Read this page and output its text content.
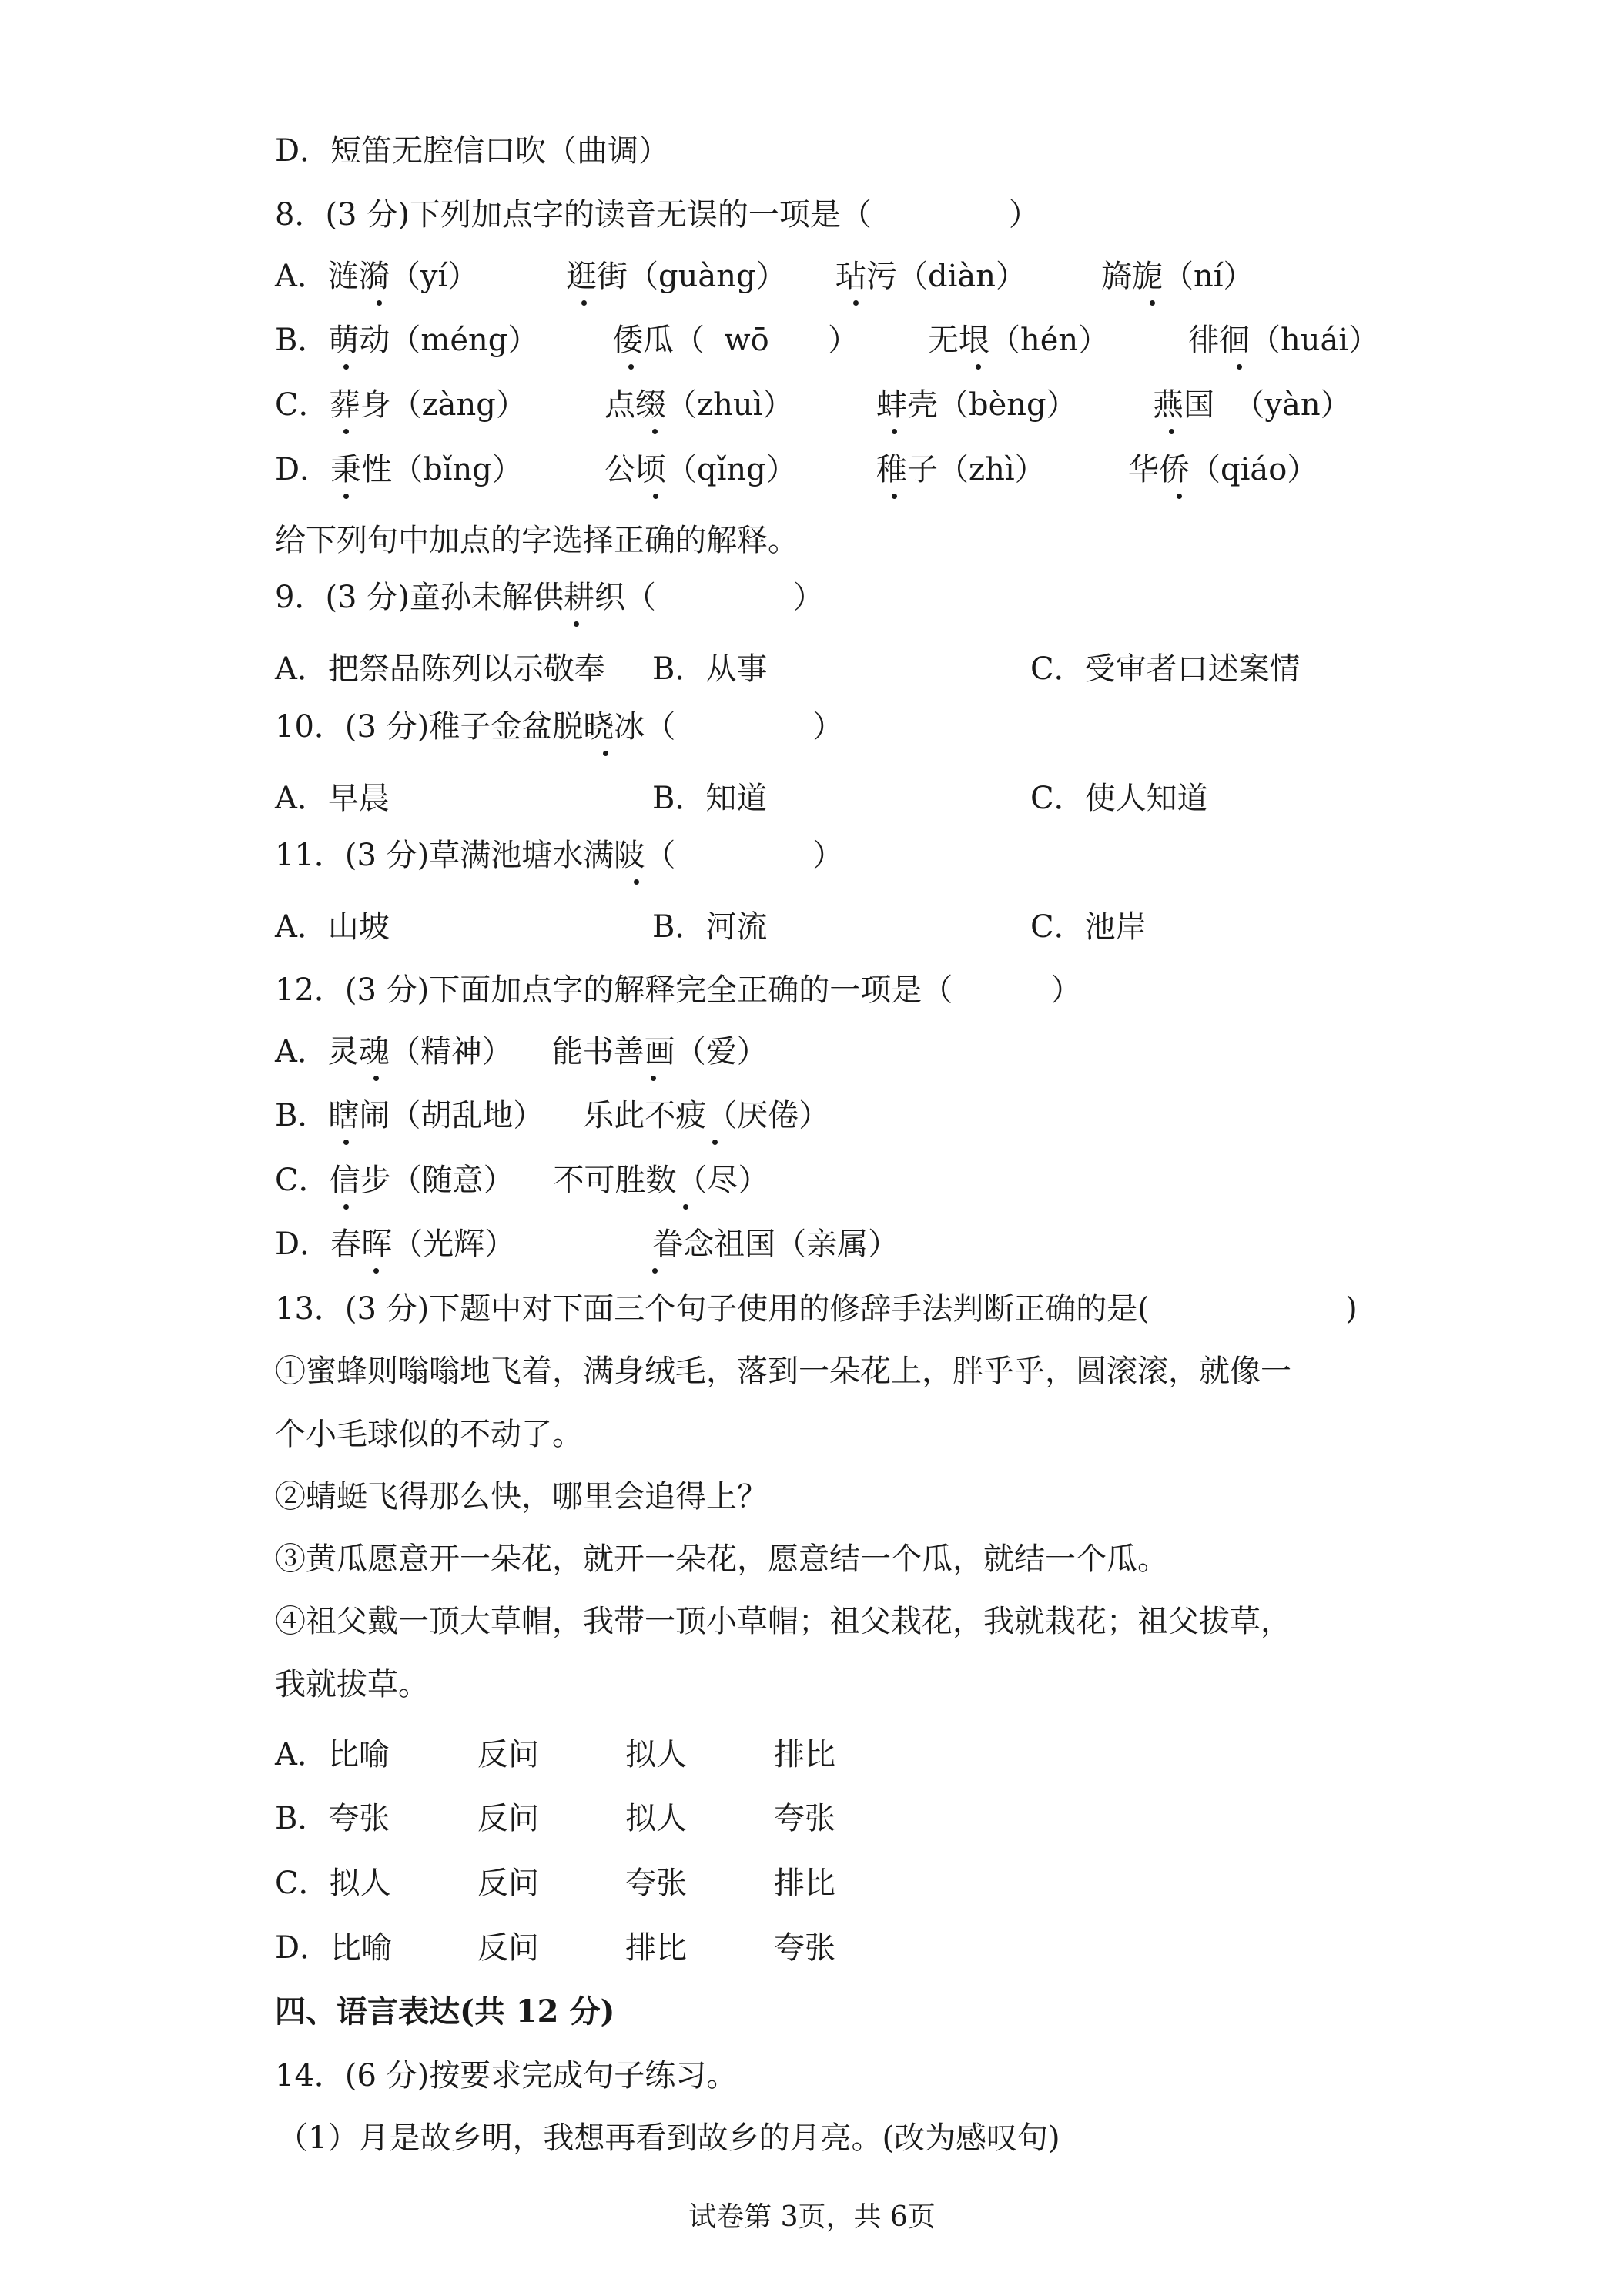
D．短笛无腔信口吹（曲调）
8．(3 分)下列加点字的读音无误的一项是（              ）
A．涟漪（yí）	逛街（guàng） 玷污（diàn） 旖旎（ní）
B．萌动（méng） 倭瓜（  wō      ） 无垠（hén）	徘徊（huái）
C．葬身（zàng）	点缀（zhuì）	蚌壳（bèng） 燕国  （yàn）
D．秉性（bǐng）	公顷（qǐng）	稚子（zhì）	华侨（qiáo）
给下列句中加点的字选择正确的解释。
9．(3 分)童孙未解供耕织（              ）
A．把祭品陈列以示敬奉 B．从事	C．受审者口述案情
10．(3 分)稚子金盆脱晓冰（              ）
A．早晨	B．知道	C．使人知道
11．(3 分)草满池塘水满陂（              ）
A．山坡	B．河流	C．池岸
12．(3 分)下面加点字的解释完全正确的一项是（          ）
A．灵魂（精神）    能书善画（爱）
B．瞎闹（胡乱地）    乐此不疲（厌倦）
C．信步（随意）    不可胜数（尽）
D．春晖（光辉）              眷念祖国（亲属）
13．(3 分)下题中对下面三个句子使用的修辞手法判断正确的是(                    )
①蜜蜂则嗡嗡地飞着，满身绒毛，落到一朵花上，胖乎乎，圆滚滚，就像一
个小毛球似的不动了。
②蜻蜓飞得那么快，哪里会追得上？
③黄瓜愿意开一朵花，就开一朵花，愿意结一个瓜，就结一个瓜。
④祖父戴一顶大草帽，我带一顶小草帽；祖父栽花，我就栽花；祖父拔草，
我就拔草。
A．比喻	反问	拟人	排比
B．夸张	反问	拟人	夸张
C．拟人	反问	夸张	排比
D．比喻	反问	排比	夸张
四、语言表达(共 12 分)
14．(6 分)按要求完成句子练习。
（1）月是故乡明，我想再看到故乡的月亮。(改为感叹句)
试卷第 3页，共 6页
